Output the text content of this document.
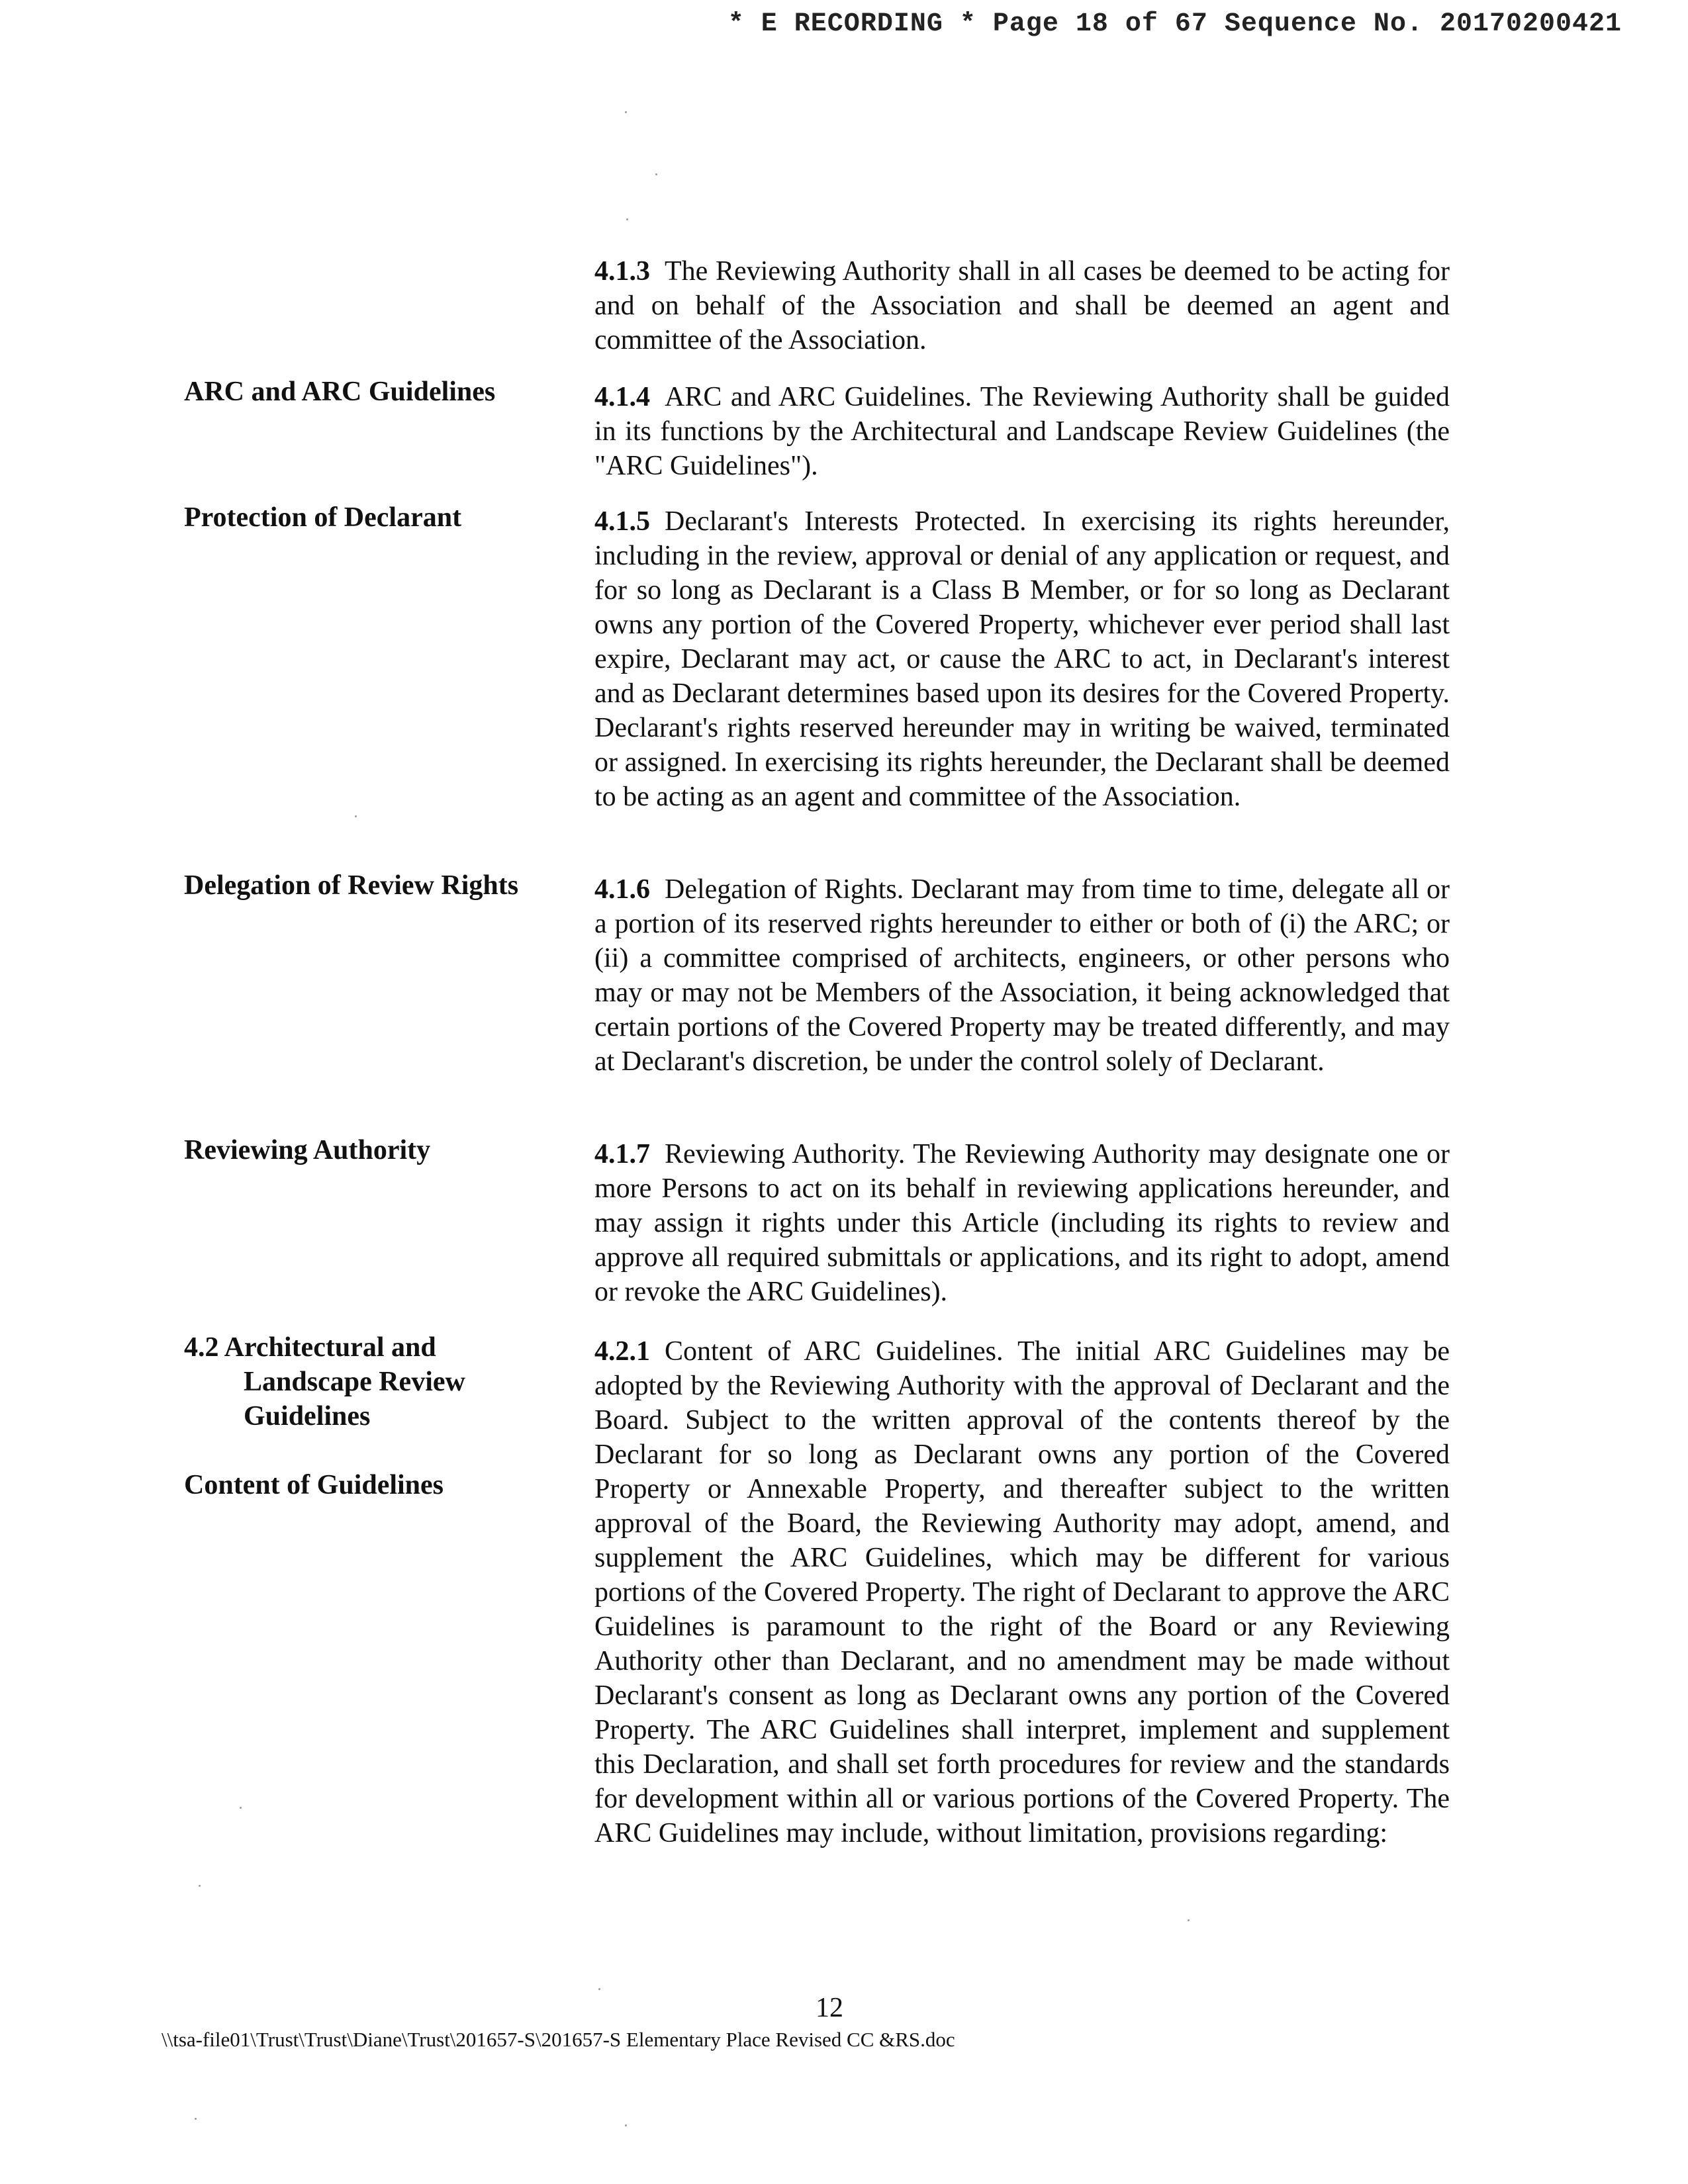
* E RECORDING * Page 18 of 67 Sequence No. 20170200421
ARC and ARC Guidelines
Protection of Declarant
Delegation of Review Rights
Reviewing Authority
4.2 Architectural and
Landscape Review
Guidelines
Content of Guidelines
4.1.3 The Reviewing Authority shall in all cases be deemed to be acting for and on behalf of the Association and shall be deemed an agent and committee of the Association.
4.1.4 ARC and ARC Guidelines. The Reviewing Authority shall be guided in its functions by the Architectural and Landscape Review Guidelines (the "ARC Guidelines").
4.1.5 Declarant's Interests Protected. In exercising its rights hereunder, including in the review, approval or denial of any application or request, and for so long as Declarant is a Class B Member, or for so long as Declarant owns any portion of the Covered Property, whichever ever period shall last expire, Declarant may act, or cause the ARC to act, in Declarant's interest and as Declarant determines based upon its desires for the Covered Property. Declarant's rights reserved hereunder may in writing be waived, terminated or assigned. In exercising its rights hereunder, the Declarant shall be deemed to be acting as an agent and committee of the Association.
4.1.6 Delegation of Rights. Declarant may from time to time, delegate all or a portion of its reserved rights hereunder to either or both of (i) the ARC; or (ii) a committee comprised of architects, engineers, or other persons who may or may not be Members of the Association, it being acknowledged that certain portions of the Covered Property may be treated differently, and may at Declarant's discretion, be under the control solely of Declarant.
4.1.7 Reviewing Authority. The Reviewing Authority may designate one or more Persons to act on its behalf in reviewing applications hereunder, and may assign it rights under this Article (including its rights to review and approve all required submittals or applications, and its right to adopt, amend or revoke the ARC Guidelines).
4.2.1 Content of ARC Guidelines. The initial ARC Guidelines may be adopted by the Reviewing Authority with the approval of Declarant and the Board. Subject to the written approval of the contents thereof by the Declarant for so long as Declarant owns any portion of the Covered Property or Annexable Property, and thereafter subject to the written approval of the Board, the Reviewing Authority may adopt, amend, and supplement the ARC Guidelines, which may be different for various portions of the Covered Property. The right of Declarant to approve the ARC Guidelines is paramount to the right of the Board or any Reviewing Authority other than Declarant, and no amendment may be made without Declarant's consent as long as Declarant owns any portion of the Covered Property. The ARC Guidelines shall interpret, implement and supplement this Declaration, and shall set forth procedures for review and the standards for development within all or various portions of the Covered Property. The ARC Guidelines may include, without limitation, provisions regarding:
12
\\tsa-file01\Trust\Trust\Diane\Trust\201657-S\201657-S Elementary Place Revised CC &RS.doc
